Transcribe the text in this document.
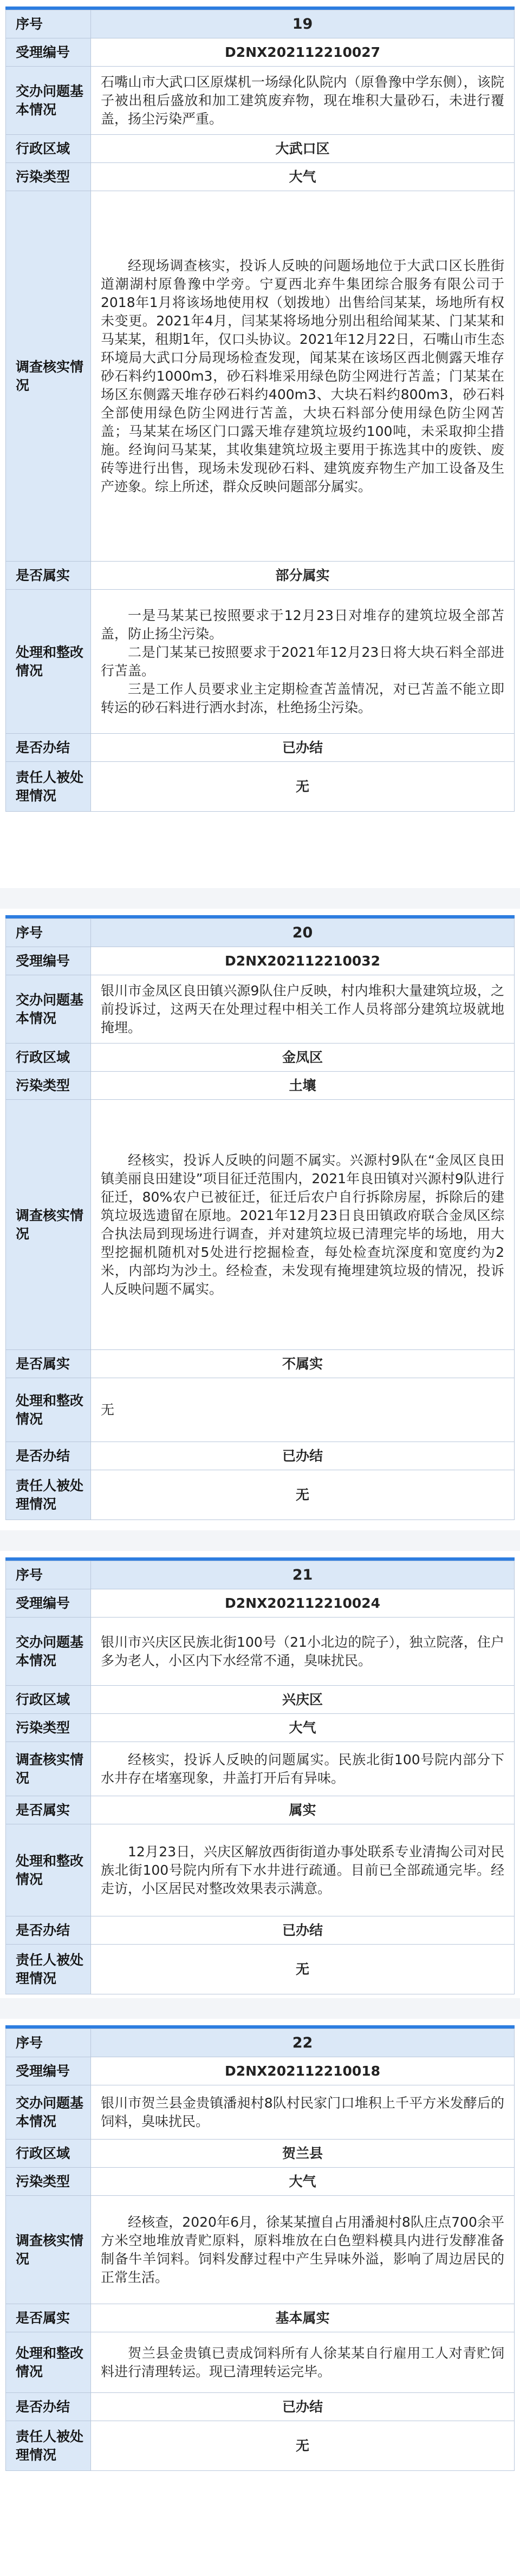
序号	19
受理编号	D2NX202112210027
交办问题基本情况	石嘴山市大武口区原煤机一场绿化队院内（原鲁豫中学东侧），该院子被出租后盛放和加工建筑废弃物，现在堆积大量砂石，未进行覆盖，扬尘污染严重。
行政区域	大武口区
污染类型	大气
调查核实情况	经现场调查核实，投诉人反映的问题场地位于大武口区长胜街道潮湖村原鲁豫中学旁。宁夏西北弃牛集团综合服务有限公司于2018年1月将该场地使用权（划拨地）出售给闫某某，场地所有权未变更。2021年4月，闫某某将场地分别出租给闻某某、门某某和马某某，租期1年，仅口头协议。2021年12月22日，石嘴山市生态环境局大武口分局现场检查发现，闻某某在该场区西北侧露天堆存砂石料约1000m3，砂石料堆采用绿色防尘网进行苫盖；门某某在场区东侧露天堆存砂石料约400m3、大块石料约800m3，砂石料全部使用绿色防尘网进行苫盖，大块石料部分使用绿色防尘网苫盖；马某某在场区门口露天堆存建筑垃圾约100吨，未采取抑尘措施。经询问马某某，其收集建筑垃圾主要用于拣选其中的废铁、废砖等进行出售，现场未发现砂石料、建筑废弃物生产加工设备及生产迹象。综上所述，群众反映问题部分属实。
是否属实	部分属实
处理和整改情况	一是马某某已按照要求于12月23日对堆存的建筑垃圾全部苫盖，防止扬尘污染。
二是门某某已按照要求于2021年12月23日将大块石料全部进行苫盖。
三是工作人员要求业主定期检查苫盖情况，对已苫盖不能立即转运的砂石料进行洒水封冻，杜绝扬尘污染。

是否办结	已办结
责任人被处理情况	无
序号	20
受理编号	D2NX202112210032
交办问题基本情况	银川市金凤区良田镇兴源9队住户反映，村内堆积大量建筑垃圾，之前投诉过，这两天在处理过程中相关工作人员将部分建筑垃圾就地掩埋。
行政区域	金凤区
污染类型	土壤
调查核实情况	经核实，投诉人反映的问题不属实。兴源村9队在“金凤区良田镇美丽良田建设”项目征迁范围内，2021年良田镇对兴源村9队进行征迁，80%农户已被征迁，征迁后农户自行拆除房屋，拆除后的建筑垃圾选遗留在原地。2021年12月23日良田镇政府联合金凤区综合执法局到现场进行调查，并对建筑垃圾已清理完毕的场地，用大型挖掘机随机对5处进行挖掘检查，每处检查坑深度和宽度约为2米，内部均为沙土。经检查，未发现有掩埋建筑垃圾的情况，投诉人反映问题不属实。
是否属实	不属实
处理和整改情况	无

是否办结	已办结
责任人被处理情况	无
序号	21
受理编号	D2NX202112210024
交办问题基本情况	银川市兴庆区民族北街100号（21小北边的院子），独立院落，住户多为老人，小区内下水经常不通，臭味扰民。
行政区域	兴庆区
污染类型	大气
调查核实情况	经核实，投诉人反映的问题属实。民族北街100号院内部分下水井存在堵塞现象，井盖打开后有异味。
是否属实	属实
处理和整改情况	12月23日，兴庆区解放西街街道办事处联系专业清掏公司对民族北街100号院内所有下水井进行疏通。目前已全部疏通完毕。经走访，小区居民对整改效果表示满意。

是否办结	已办结
责任人被处理情况	无
序号	22
受理编号	D2NX202112210018
交办问题基本情况	银川市贺兰县金贵镇潘昶村8队村民家门口堆积上千平方米发酵后的饲料，臭味扰民。
行政区域	贺兰县
污染类型	大气
调查核实情况	经核查，2020年6月，徐某某擅自占用潘昶村8队庄点700余平方米空地堆放青贮原料，原料堆放在白色塑料模具内进行发酵准备制备牛羊饲料。饲料发酵过程中产生异味外溢，影响了周边居民的正常生活。
是否属实	基本属实
处理和整改情况	贺兰县金贵镇已责成饲料所有人徐某某自行雇用工人对青贮饲料进行清理转运。现已清理转运完毕。

是否办结	已办结
责任人被处理情况	无
